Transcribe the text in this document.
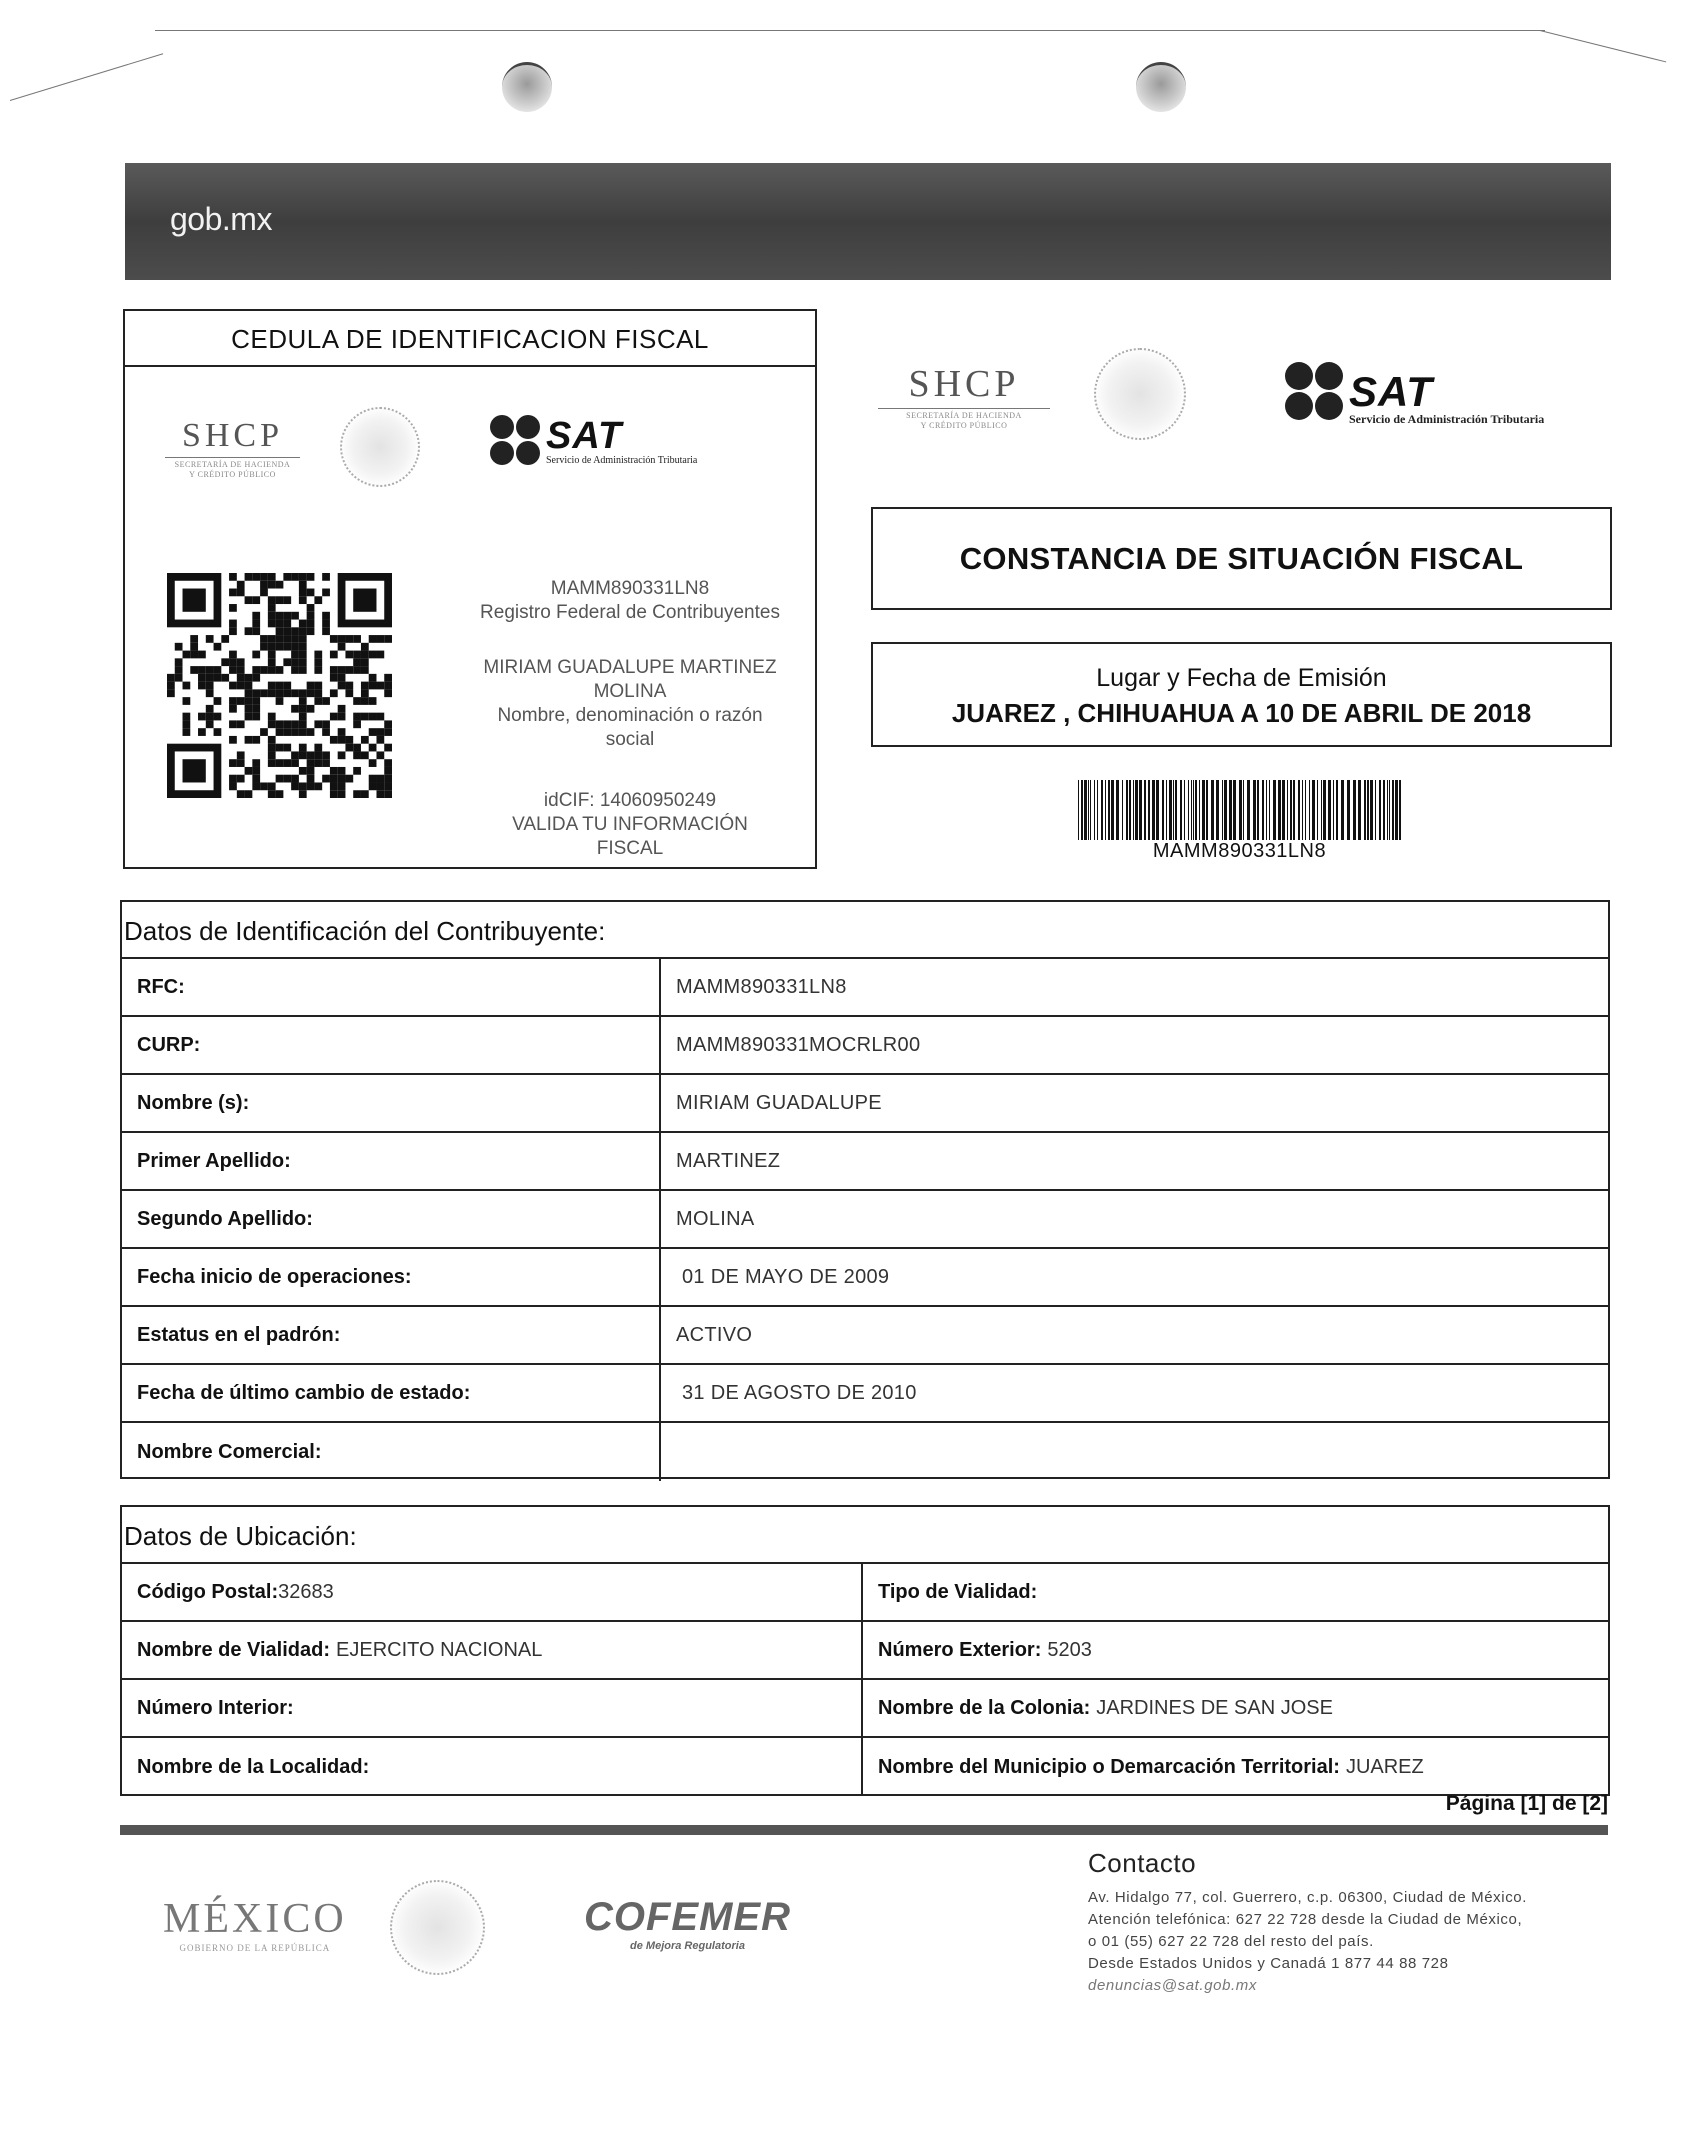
gob.mx
CEDULA DE IDENTIFICACION FISCAL
SHCP
SECRETARÍA DE HACIENDA
Y CRÉDITO PÚBLICO
SAT
Servicio de Administración Tributaria
MAMM890331LN8
Registro Federal de Contribuyentes
MIRIAM GUADALUPE MARTINEZ
MOLINA
Nombre, denominación o razón
social
idCIF: 14060950249
VALIDA TU INFORMACIÓN
FISCAL
SHCP
SECRETARÍA DE HACIENDA
Y CRÉDITO PÚBLICO
SAT
Servicio de Administración Tributaria
CONSTANCIA DE SITUACIÓN FISCAL
Lugar y Fecha de Emisión
JUAREZ , CHIHUAHUA A 10 DE ABRIL DE 2018
MAMM890331LN8
Datos de Identificación del Contribuyente:
RFC:	MAMM890331LN8
CURP:	MAMM890331MOCRLR00
Nombre (s):	MIRIAM GUADALUPE
Primer Apellido:	MARTINEZ
Segundo Apellido:	MOLINA
Fecha inicio de operaciones:	01 DE MAYO DE 2009
Estatus en el padrón:	ACTIVO
Fecha de último cambio de estado:	31 DE AGOSTO DE 2010
Nombre Comercial:
Datos de Ubicación:
Código Postal: 32683	Tipo de Vialidad:
Nombre de Vialidad: EJERCITO NACIONAL	Número Exterior: 5203
Número Interior:	Nombre de la Colonia: JARDINES DE SAN JOSE
Nombre de la Localidad:	Nombre del Municipio o Demarcación Territorial: JUAREZ
Página [1] de [2]
MÉXICO
GOBIERNO DE LA REPÚBLICA
COFEMER
de Mejora Regulatoria
Contacto
Av. Hidalgo 77, col. Guerrero, c.p. 06300, Ciudad de México.
Atención telefónica: 627 22 728 desde la Ciudad de México,
o 01 (55) 627 22 728 del resto del país.
Desde Estados Unidos y Canadá 1 877 44 88 728
denuncias@sat.gob.mx
